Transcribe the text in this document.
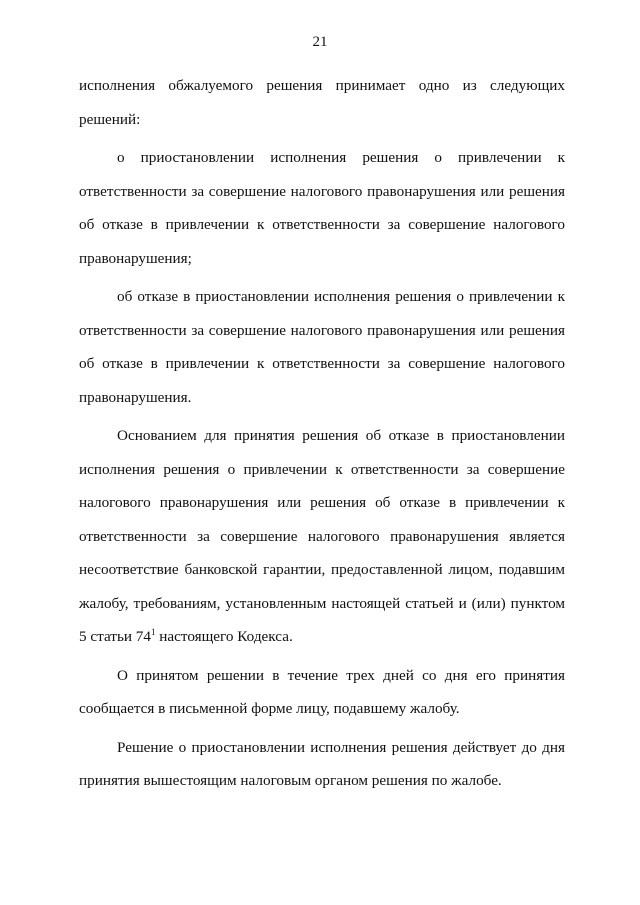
21

исполнения обжалуемого решения принимает одно из следующих решений:

о приостановлении исполнения решения о привлечении к ответственности за совершение налогового правонарушения или решения об отказе в привлечении к ответственности за совершение налогового правонарушения;

об отказе в приостановлении исполнения решения о привлечении к ответственности за совершение налогового правонарушения или решения об отказе в привлечении к ответственности за совершение налогового правонарушения.

Основанием для принятия решения об отказе в приостановлении исполнения решения о привлечении к ответственности за совершение налогового правонарушения или решения об отказе в привлечении к ответственности за совершение налогового правонарушения является несоответствие банковской гарантии, предоставленной лицом, подавшим жалобу, требованиям, установленным настоящей статьей и (или) пунктом 5 статьи $74^1$ настоящего Кодекса.

О принятом решении в течение трех дней со дня его принятия сообщается в письменной форме лицу, подавшему жалобу.

Решение о приостановлении исполнения решения действует до дня принятия вышестоящим налоговым органом решения по жалобе.
